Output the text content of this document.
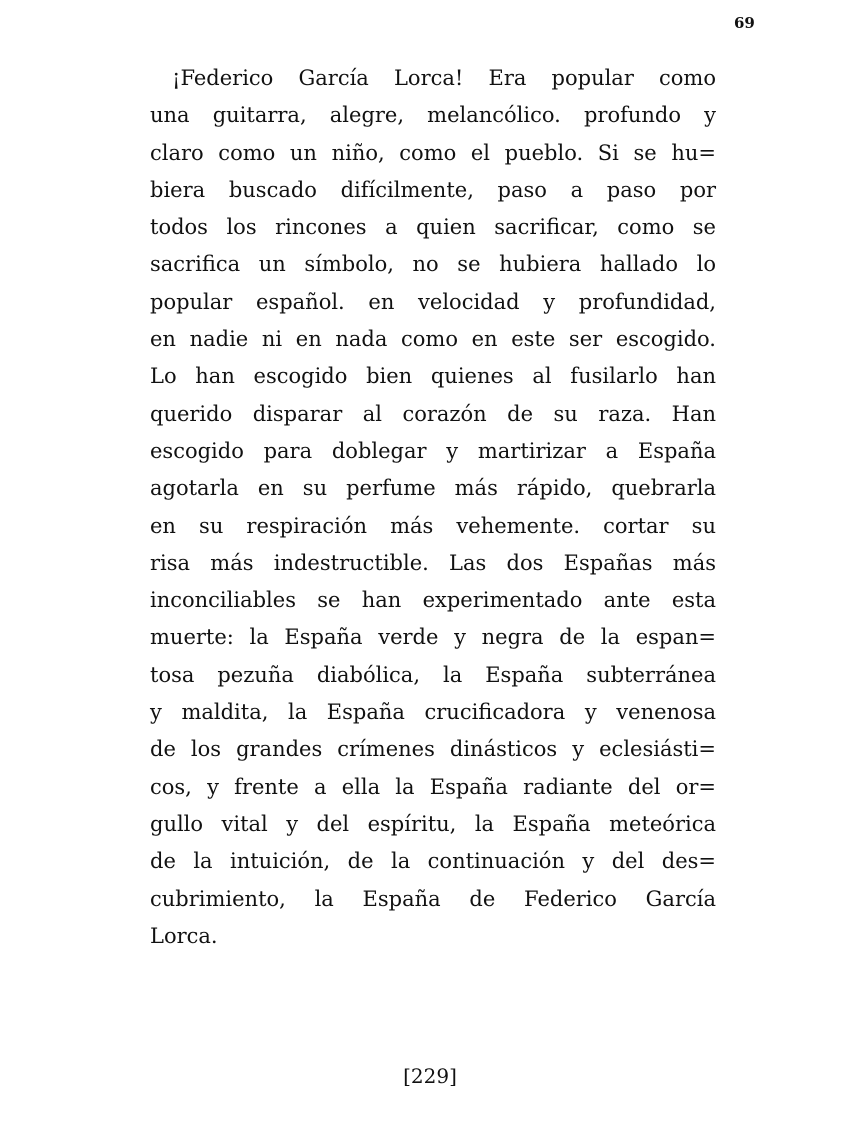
69
¡Federico García Lorca! Era popular como
una guitarra, alegre, melancólico. profundo y
claro como un niño, como el pueblo. Si se hu=
biera buscado difícilmente, paso a paso por
todos los rincones a quien sacrificar, como se
sacrifica un símbolo, no se hubiera hallado lo
popular español. en velocidad y profundidad,
en nadie ni en nada como en este ser escogido.
Lo han escogido bien quienes al fusilarlo han
querido disparar al corazón de su raza. Han
escogido para doblegar y martirizar a España
agotarla en su perfume más rápido, quebrarla
en su respiración más vehemente. cortar su
risa más indestructible. Las dos Españas más
inconciliables se han experimentado ante esta
muerte: la España verde y negra de la espan=
tosa pezuña diabólica, la España subterránea
y maldita, la España crucificadora y venenosa
de los grandes crímenes dinásticos y eclesiásti=
cos, y frente a ella la España radiante del or=
gullo vital y del espíritu, la España meteórica
de la intuición, de la continuación y del des=
cubrimiento, la España de Federico García
Lorca.
[229]
